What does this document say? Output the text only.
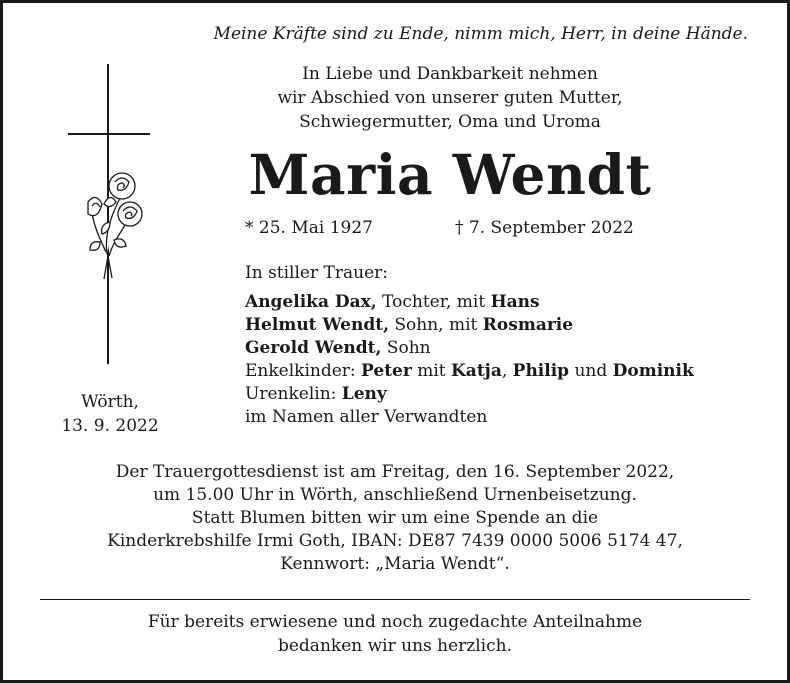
Meine Kräfte sind zu Ende, nimm mich, Herr, in deine Hände.
In Liebe und Dankbarkeit nehmen
wir Abschied von unserer guten Mutter,
Schwiegermutter, Oma und Uroma
Maria Wendt
* 25. Mai 1927	† 7. September 2022
In stiller Trauer:
Angelika Dax, Tochter, mit Hans
Helmut Wendt, Sohn, mit Rosmarie
Gerold Wendt, Sohn
Enkelkinder: Peter mit Katja, Philip und Dominik
Urenkelin: Leny
im Namen aller Verwandten
Wörth,
13. 9. 2022
Der Trauergottesdienst ist am Freitag, den 16. September 2022,
um 15.00 Uhr in Wörth, anschließend Urnenbeisetzung.
Statt Blumen bitten wir um eine Spende an die
Kinderkrebshilfe Irmi Goth, IBAN: DE87 7439 0000 5006 5174 47,
Kennwort: „Maria Wendt“.
Für bereits erwiesene und noch zugedachte Anteilnahme
bedanken wir uns herzlich.
